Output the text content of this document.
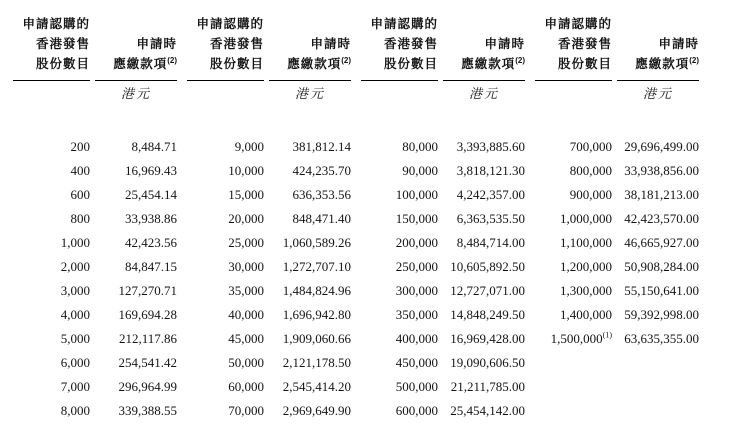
申請認購的
香港發售
股份數目
申請時
應繳款項$^{(2)}$
港元
200	8,484.71
400	16,969.43
600	25,454.14
800	33,938.86
1,000	42,423.56
2,000	84,847.15
3,000	127,270.71
4,000	169,694.28
5,000	212,117.86
6,000	254,541.42
7,000	296,964.99
8,000	339,388.55
申請認購的
香港發售
股份數目
申請時
應繳款項$^{(2)}$
港元
9,000	381,812.14
10,000	424,235.70
15,000	636,353.56
20,000	848,471.40
25,000	1,060,589.26
30,000	1,272,707.10
35,000	1,484,824.96
40,000	1,696,942.80
45,000	1,909,060.66
50,000	2,121,178.50
60,000	2,545,414.20
70,000	2,969,649.90
申請認購的
香港發售
股份數目
申請時
應繳款項$^{(2)}$
港元
80,000	3,393,885.60
90,000	3,818,121.30
100,000	4,242,357.00
150,000	6,363,535.50
200,000	8,484,714.00
250,000 10,605,892.50
300,000 12,727,071.00
350,000 14,848,249.50
400,000 16,969,428.00
450,000 19,090,606.50
500,000 21,211,785.00
600,000 25,454,142.00
申請認購的
香港發售
股份數目
申請時
應繳款項$^{(2)}$
港元
700,000 29,696,499.00
800,000 33,938,856.00
900,000 38,181,213.00
1,000,000 42,423,570.00
1,100,000 46,665,927.00
1,200,000 50,908,284.00
1,300,000 55,150,641.00
1,400,000 59,392,998.00
1,500,000$^{(1)}$ 63,635,355.00
